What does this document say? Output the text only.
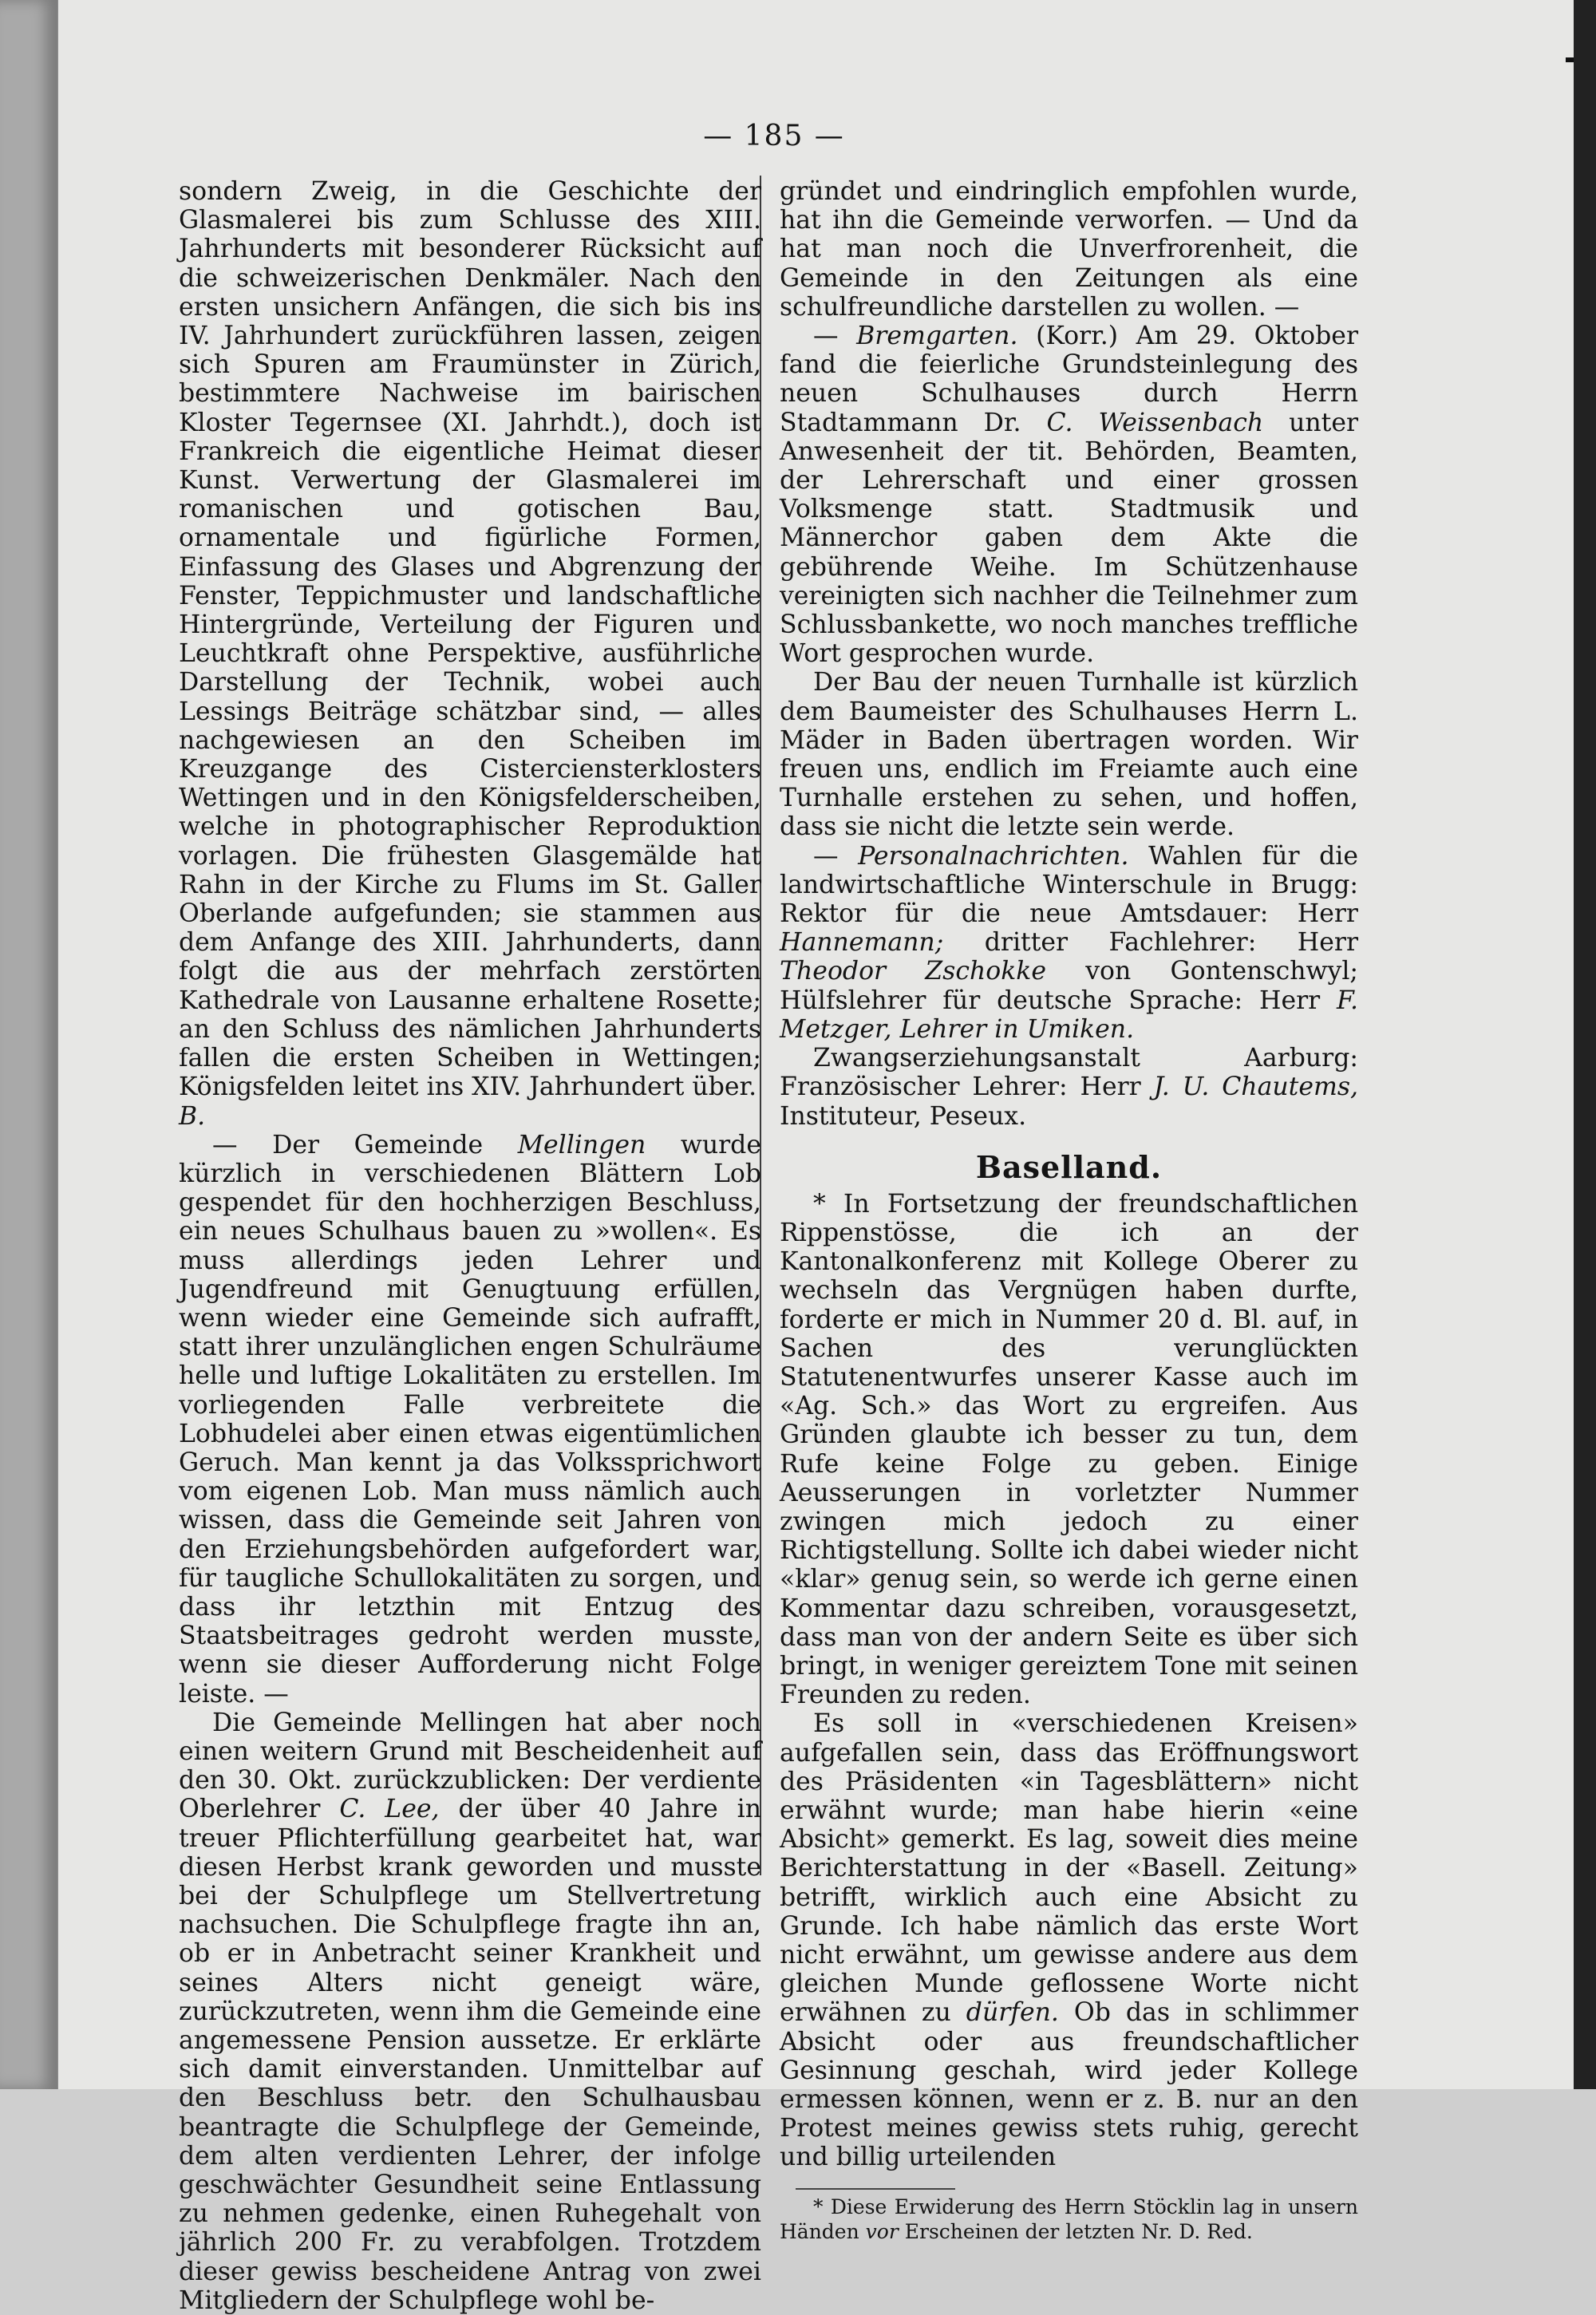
— 185 —

sondern Zweig, in die Geschichte der Glasmalerei bis zum Schlusse des XIII. Jahrhunderts mit besonderer Rücksicht auf die schweizerischen Denkmäler. Nach den ersten unsichern Anfängen, die sich bis ins IV. Jahrhundert zurückführen lassen, zeigen sich Spuren am Fraumünster in Zürich, bestimmtere Nachweise im bairischen Kloster Tegernsee (XI. Jahrhdt.), doch ist Frankreich die eigentliche Heimat dieser Kunst. Verwertung der Glasmalerei im romanischen und gotischen Bau, ornamentale und figürliche Formen, Einfassung des Glases und Abgrenzung der Fenster, Teppichmuster und landschaftliche Hintergründe, Verteilung der Figuren und Leuchtkraft ohne Perspektive, ausführliche Darstellung der Technik, wobei auch Lessings Beiträge schätzbar sind, — alles nachgewiesen an den Scheiben im Kreuzgange des Cisterciensterklosters Wettingen und in den Königsfelderscheiben, welche in photographischer Reproduktion vorlagen. Die frühesten Glasgemälde hat Rahn in der Kirche zu Flums im St. Galler Oberlande aufgefunden; sie stammen aus dem Anfange des XIII. Jahrhunderts, dann folgt die aus der mehrfach zerstörten Kathedrale von Lausanne erhaltene Rosette; an den Schluss des nämlichen Jahrhunderts fallen die ersten Scheiben in Wettingen; Königsfelden leitet ins XIV. Jahrhundert über.

B.

— Der Gemeinde Mellingen wurde kürzlich in verschiedenen Blättern Lob gespendet für den hochherzigen Beschluss, ein neues Schulhaus bauen zu »wollen«. Es muss allerdings jeden Lehrer und Jugendfreund mit Genugtuung erfüllen, wenn wieder eine Gemeinde sich aufrafft, statt ihrer unzulänglichen engen Schulräume helle und luftige Lokalitäten zu erstellen. Im vorliegenden Falle verbreitete die Lobhudelei aber einen etwas eigentümlichen Geruch. Man kennt ja das Volkssprichwort vom eigenen Lob. Man muss nämlich auch wissen, dass die Gemeinde seit Jahren von den Erziehungsbehörden aufgefordert war, für taugliche Schullokalitäten zu sorgen, und dass ihr letzthin mit Entzug des Staatsbeitrages gedroht werden musste, wenn sie dieser Aufforderung nicht Folge leiste. —

Die Gemeinde Mellingen hat aber noch einen weitern Grund mit Bescheidenheit auf den 30. Okt. zurückzublicken: Der verdiente Oberlehrer C. Lee, der über 40 Jahre in treuer Pflichterfüllung gearbeitet hat, war diesen Herbst krank geworden und musste bei der Schulpflege um Stellvertretung nachsuchen. Die Schulpflege fragte ihn an, ob er in Anbetracht seiner Krankheit und seines Alters nicht geneigt wäre, zurückzutreten, wenn ihm die Gemeinde eine angemessene Pension aussetze. Er erklärte sich damit einverstanden. Unmittelbar auf den Beschluss betr. den Schulhausbau beantragte die Schulpflege der Gemeinde, dem alten verdienten Lehrer, der infolge geschwächter Gesundheit seine Entlassung zu nehmen gedenke, einen Ruhegehalt von jährlich 200 Fr. zu verabfolgen. Trotzdem dieser gewiss bescheidene Antrag von zwei Mitgliedern der Schulpflege wohl be-

gründet und eindringlich empfohlen wurde, hat ihn die Gemeinde verworfen. — Und da hat man noch die Unverfrorenheit, die Gemeinde in den Zeitungen als eine schulfreundliche darstellen zu wollen. —

— Bremgarten. (Korr.) Am 29. Oktober fand die feierliche Grundsteinlegung des neuen Schulhauses durch Herrn Stadtammann Dr. C. Weissenbach unter Anwesenheit der tit. Behörden, Beamten, der Lehrerschaft und einer grossen Volksmenge statt. Stadtmusik und Männerchor gaben dem Akte die gebührende Weihe. Im Schützenhause vereinigten sich nachher die Teilnehmer zum Schlussbankette, wo noch manches treffliche Wort gesprochen wurde.

Der Bau der neuen Turnhalle ist kürzlich dem Baumeister des Schulhauses Herrn L. Mäder in Baden übertragen worden. Wir freuen uns, endlich im Freiamte auch eine Turnhalle erstehen zu sehen, und hoffen, dass sie nicht die letzte sein werde.

— Personalnachrichten. Wahlen für die landwirtschaftliche Winterschule in Brugg: Rektor für die neue Amtsdauer: Herr Hannemann; dritter Fachlehrer: Herr Theodor Zschokke von Gontenschwyl; Hülfslehrer für deutsche Sprache: Herr F. Metzger, Lehrer in Umiken.

Zwangserziehungsanstalt Aarburg: Französischer Lehrer: Herr J. U. Chautems, Instituteur, Peseux.

Baselland.

* In Fortsetzung der freundschaftlichen Rippenstösse, die ich an der Kantonalkonferenz mit Kollege Oberer zu wechseln das Vergnügen haben durfte, forderte er mich in Nummer 20 d. Bl. auf, in Sachen des verunglückten Statutenentwurfes unserer Kasse auch im «Ag. Sch.» das Wort zu ergreifen. Aus Gründen glaubte ich besser zu tun, dem Rufe keine Folge zu geben. Einige Aeusserungen in vorletzter Nummer zwingen mich jedoch zu einer Richtigstellung. Sollte ich dabei wieder nicht «klar» genug sein, so werde ich gerne einen Kommentar dazu schreiben, vorausgesetzt, dass man von der andern Seite es über sich bringt, in weniger gereiztem Tone mit seinen Freunden zu reden.

Es soll in «verschiedenen Kreisen» aufgefallen sein, dass das Eröffnungswort des Präsidenten «in Tagesblättern» nicht erwähnt wurde; man habe hierin «eine Absicht» gemerkt. Es lag, soweit dies meine Berichterstattung in der «Basell. Zeitung» betrifft, wirklich auch eine Absicht zu Grunde. Ich habe nämlich das erste Wort nicht erwähnt, um gewisse andere aus dem gleichen Munde geflossene Worte nicht erwähnen zu dürfen. Ob das in schlimmer Absicht oder aus freundschaftlicher Gesinnung geschah, wird jeder Kollege ermessen können, wenn er z. B. nur an den Protest meines gewiss stets ruhig, gerecht und billig urteilenden

* Diese Erwiderung des Herrn Stöcklin lag in unsern Händen vor Erscheinen der letzten Nr. D. Red.
